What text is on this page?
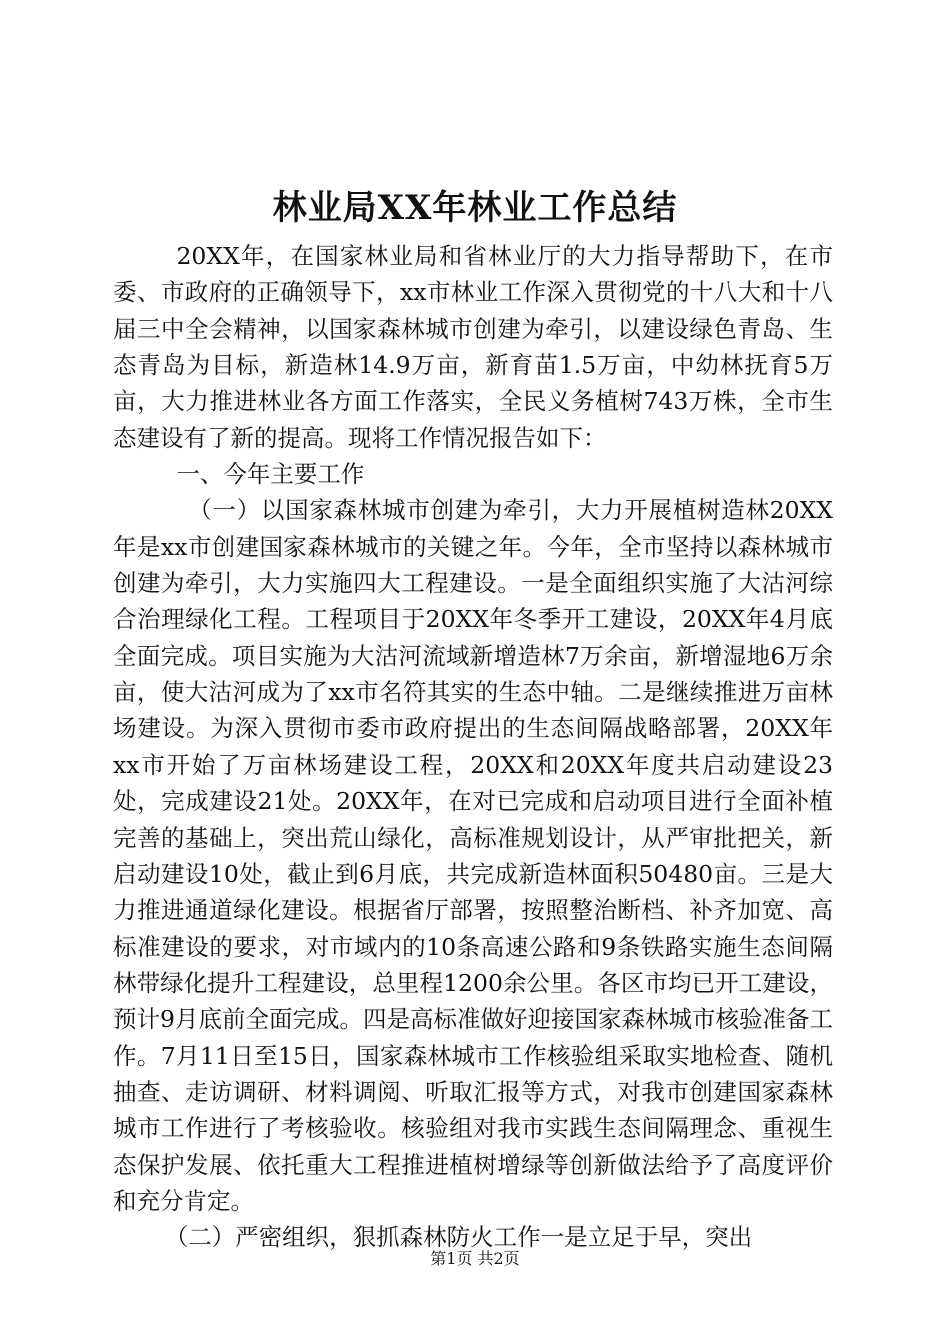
林业局XX年林业工作总结

20XX年，在国家林业局和省林业厅的大力指导帮助下，在市委、市政府的正确领导下，xx市林业工作深入贯彻党的十八大和十八届三中全会精神，以国家森林城市创建为牵引，以建设绿色青岛、生态青岛为目标，新造林14.9万亩，新育苗1.5万亩，中幼林抚育5万亩，大力推进林业各方面工作落实，全民义务植树743万株，全市生态建设有了新的提高。现将工作情况报告如下：

一、今年主要工作

（一）以国家森林城市创建为牵引，大力开展植树造林20XX年是xx市创建国家森林城市的关键之年。今年，全市坚持以森林城市创建为牵引，大力实施四大工程建设。一是全面组织实施了大沽河综合治理绿化工程。工程项目于20XX年冬季开工建设，20XX年4月底全面完成。项目实施为大沽河流域新增造林7万余亩，新增湿地6万余亩，使大沽河成为了xx市名符其实的生态中轴。二是继续推进万亩林场建设。为深入贯彻市委市政府提出的生态间隔战略部署，20XX年xx市开始了万亩林场建设工程，20XX和20XX年度共启动建设23处，完成建设21处。20XX年，在对已完成和启动项目进行全面补植完善的基础上，突出荒山绿化，高标准规划设计，从严审批把关，新启动建设10处，截止到6月底，共完成新造林面积50480亩。三是大力推进通道绿化建设。根据省厅部署，按照整治断档、补齐加宽、高标准建设的要求，对市域内的10条高速公路和9条铁路实施生态间隔林带绿化提升工程建设，总里程1200余公里。各区市均已开工建设，预计9月底前全面完成。四是高标准做好迎接国家森林城市核验准备工作。7月11日至15日，国家森林城市工作核验组采取实地检查、随机抽查、走访调研、材料调阅、听取汇报等方式，对我市创建国家森林城市工作进行了考核验收。核验组对我市实践生态间隔理念、重视生态保护发展、依托重大工程推进植树增绿等创新做法给予了高度评价和充分肯定。

（二）严密组织，狠抓森林防火工作一是立足于早，突出

第1页 共2页
